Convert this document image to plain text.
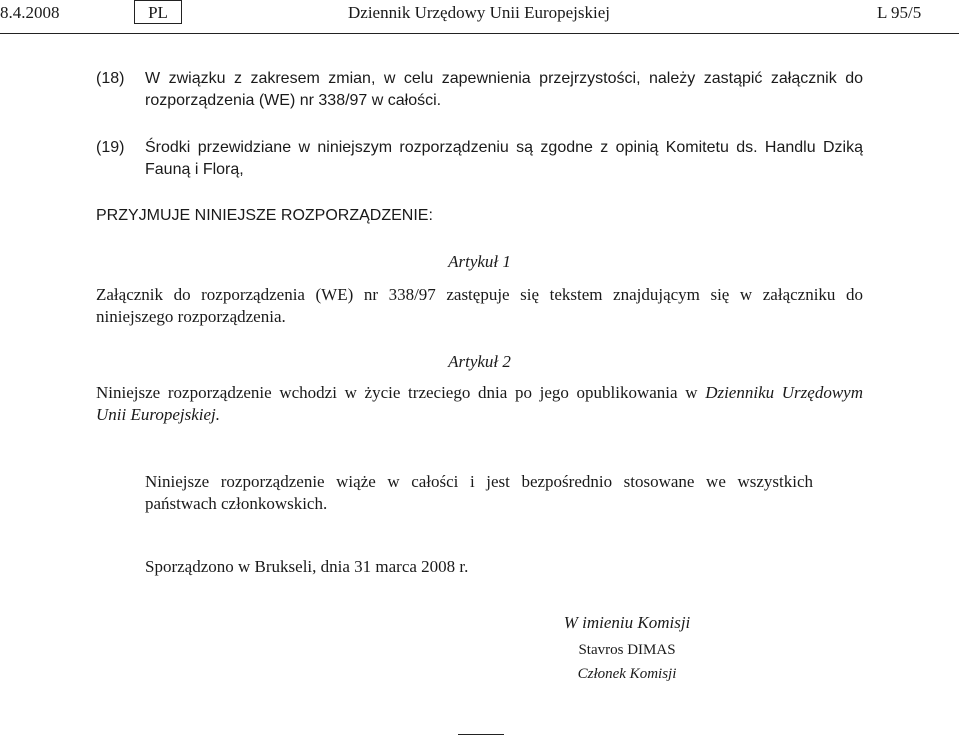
8.4.2008	PL	Dziennik Urzędowy Unii Europejskiej	L 95/5
(18) W związku z zakresem zmian, w celu zapewnienia przejrzystości, należy zastąpić załącznik do
rozporządzenia (WE) nr 338/97 w całości.
(19) Środki przewidziane w niniejszym rozporządzeniu są zgodne z opinią Komitetu ds. Handlu Dziką
Fauną i Florą,
PRZYJMUJE NINIEJSZE ROZPORZĄDZENIE:
Artykuł 1
Załącznik do rozporządzenia (WE) nr 338/97 zastępuje się tekstem znajdującym się w załączniku do
niniejszego rozporządzenia.
Artykuł 2
Niniejsze rozporządzenie wchodzi w życie trzeciego dnia po jego opublikowania w Dzienniku Urzędowym
Unii Europejskiej.
Niniejsze rozporządzenie wiąże w całości i jest bezpośrednio stosowane we wszystkich
państwach członkowskich.
Sporządzono w Brukseli, dnia 31 marca 2008 r.
W imieniu Komisji
Stavros DIMAS
Członek Komisji
